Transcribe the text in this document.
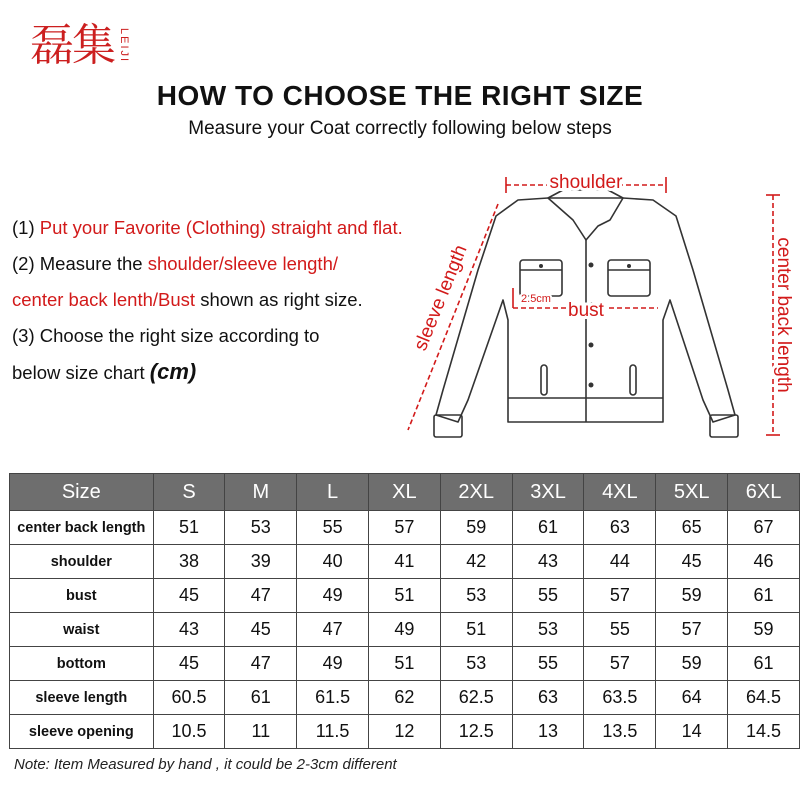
磊集 LEIJI
HOW TO CHOOSE THE RIGHT SIZE
Measure your Coat correctly following below steps
(1) Put your Favorite (Clothing) straight and flat.
(2) Measure the shoulder/sleeve length/
center back lenth/Bust shown as right size.
(3) Choose the right size according to
below size chart (cm)
shoulder
sleeve length	center back length
bust
2.5cm
Size	S	M	L	XL	2XL	3XL	4XL	5XL	6XL
center back length	51	53	55	57	59	61	63	65	67
shoulder	38	39	40	41	42	43	44	45	46
bust	45	47	49	51	53	55	57	59	61
waist	43	45	47	49	51	53	55	57	59
bottom	45	47	49	51	53	55	57	59	61
sleeve length	60.5	61	61.5	62	62.5	63	63.5	64	64.5
sleeve opening	10.5	11	11.5	12	12.5	13	13.5	14	14.5
Note: Item Measured by hand , it could be 2-3cm different
